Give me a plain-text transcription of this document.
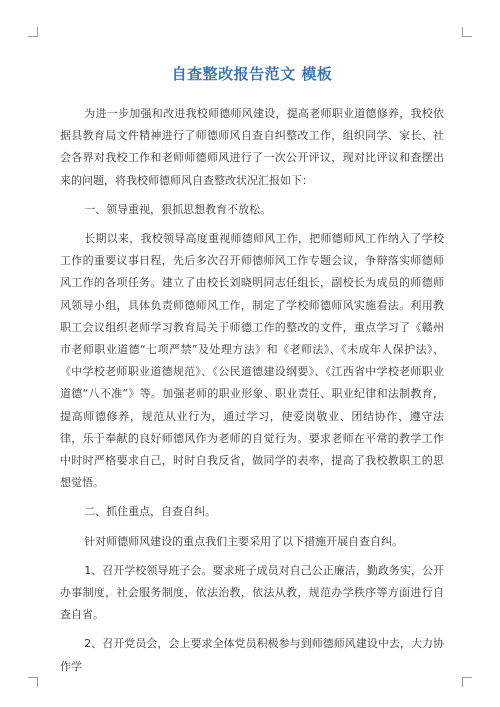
自查整改报告范文 模板

为进一步加强和改进我校师德师风建设，提高老师职业道德修养，我校依据县教育局文件精神进行了师德师风自查自纠整改工作，组织同学、家长、社会各界对我校工作和老师师德师风进行了一次公开评议，现对比评议和查摆出来的问题，将我校师德师风自查整改状况汇报如下：

一、领导重视，狠抓思想教育不放松。

长期以来，我校领导高度重视师德师风工作，把师德师风工作纳入了学校工作的重要议事日程，先后多次召开师德师风工作专题会议，争辩落实师德师风工作的各项任务。建立了由校长刘晓明同志任组长，副校长为成员的师德师风领导小组，具体负责师德师风工作，制定了学校师德师风实施看法。利用教职工会议组织老师学习教育局关于师德工作的整改的文件，重点学习了《赣州市老师职业道德“七项严禁”及处理方法》和《老师法》、《未成年人保护法》、《中学校老师职业道德规范》、《公民道德建设纲要》、《江西省中学校老师职业道德“八不准”》等。加强老师的职业形象、职业责任、职业纪律和法制教育，提高师德修养，规范从业行为，通过学习，使爱岗敬业、团结协作、遵守法律，乐于奉献的良好师德风作为老师的自觉行为。要求老师在平常的教学工作中时时严格要求自己，时时自我反省，做同学的表率，提高了我校教职工的思想觉悟。

二、抓住重点，自查自纠。

针对师德师风建设的重点我们主要采用了以下措施开展自查自纠。

1、召开学校领导班子会。要求班子成员对自己公正廉洁，勤政务实，公开办事制度，社会服务制度，依法治教，依法从教，规范办学秩序等方面进行自查自省。

2、召开党员会，会上要求全体党员积极参与到师德师风建设中去，大力协作学
